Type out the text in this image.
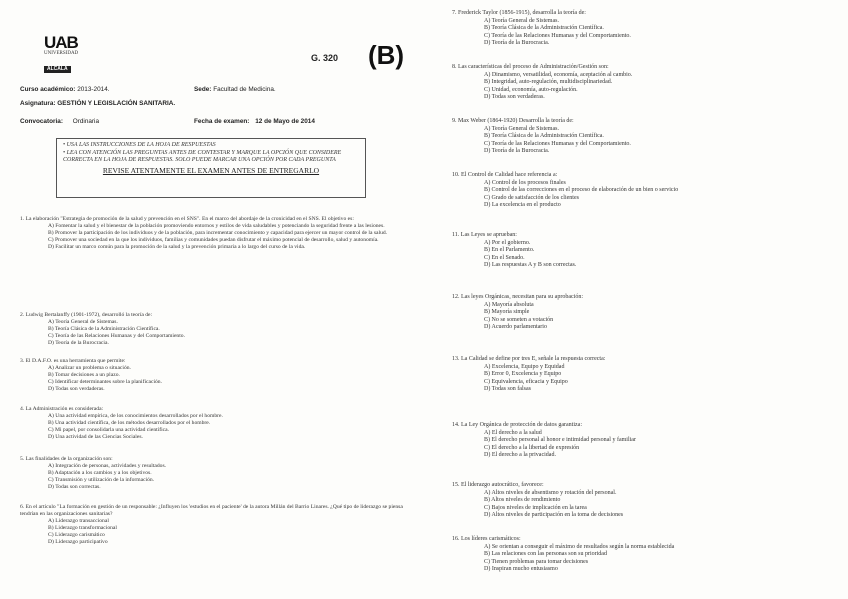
UAB
UNIVERSIDAD
ALCALA
G. 320 (B)
Curso académico: 2013-2014.	Sede: Facultad de Medicina.
Asignatura: GESTIÓN Y LEGISLACIÓN SANITARIA.
Convocatoria: Ordinaria	Fecha de examen: 12 de Mayo de 2014
• USA LAS INSTRUCCIONES DE LA HOJA DE RESPUESTAS
• LEA CON ATENCIÓN LAS PREGUNTAS ANTES DE CONTESTAR Y MARQUE LA OPCIÓN QUE CONSIDERE CORRECTA EN LA HOJA DE RESPUESTAS. SOLO PUEDE MARCAR UNA OPCIÓN POR CADA PREGUNTA
REVISE ATENTAMENTE EL EXAMEN ANTES DE ENTREGARLO
1. La elaboración "Estrategia de promoción de la salud y prevención en el SNS". En el marco del abordaje de la cronicidad en el SNS. El objetivo es:
A) Fomentar la salud y el bienestar de la población promoviendo entornos y estilos de vida saludables y potenciando la seguridad frente a las lesiones.
B) Promover la participación de los individuos y de la población, para incrementar conocimiento y capacidad para ejercer un mayor control de la salud.
C) Promover una sociedad en la que los individuos, familias y comunidades puedan disfrutar el máximo potencial de desarrollo, salud y autonomía.
D) Facilitar un marco común para la promoción de la salud y la prevención primaria a lo largo del curso de la vida.
2. Ludwig Bertalanffy (1901-1972), desarrolló la teoría de:
A) Teoría General de Sistemas.
B) Teoría Clásica de la Administración Científica.
C) Teoría de las Relaciones Humanas y del Comportamiento.
D) Teoría de la Burocracia.
3. El D.A.F.O. es una herramienta que permite:
A) Analizar un problema o situación.
B) Tomar decisiones a un plazo.
C) Identificar determinantes sobre la planificación.
D) Todas son verdaderas.
4. La Administración es considerada:
A) Una actividad empírica, de los conocimientos desarrollados por el hombre.
B) Una actividad científica, de los métodos desarrollados por el hombre.
C) Mi papel, por consolidarla una actividad científica.
D) Una actividad de las Ciencias Sociales.
5. Las finalidades de la organización son:
A) Integración de personas, actividades y resultados.
B) Adaptación a los cambios y a los objetivos.
C) Transmisión y utilización de la información.
D) Todas son correctas.
6. En el artículo "La formación en gestión de un responsable: ¿Influyen los 'estudios en el paciente' de la autora Millán del Barrio Linares. ¿Qué tipo de liderazgo se piensa tendrían en las organizaciones sanitarias?
A) Liderazgo transaccional
B) Liderazgo transformacional
C) Liderazgo carismático
D) Liderazgo participativo
7. Frederick Taylor (1856-1915), desarrolla la teoría de:
A) Teoría General de Sistemas.
B) Teoría Clásica de la Administración Científica.
C) Teoría de las Relaciones Humanas y del Comportamiento.
D) Teoría de la Burocracia.
8. Las características del proceso de Administración/Gestión son:
A) Dinamismo, versatilidad, economía, aceptación al cambio.
B) Integridad, auto-regulación, multidisciplinariedad.
C) Unidad, economía, auto-regulación.
D) Todas son verdaderas.
9. Max Weber (1864-1920) Desarrolla la teoría de:
A) Teoría General de Sistemas.
B) Teoría Clásica de la Administración Científica.
C) Teoría de las Relaciones Humanas y del Comportamiento.
D) Teoría de la Burocracia.
10. El Control de Calidad hace referencia a:
A) Control de los procesos finales
B) Control de las correcciones en el proceso de elaboración de un bien o servicio
C) Grado de satisfacción de los clientes
D) La excelencia en el producto
11. Las Leyes se aprueban:
A) Por el gobierno.
B) En el Parlamento.
C) En el Senado.
D) Las respuestas A y B son correctas.
12. Las leyes Orgánicas, necesitan para su aprobación:
A) Mayoría absoluta
B) Mayoría simple
C) No se someten a votación
D) Acuerdo parlamentario
13. La Calidad se define por tres E, señale la respuesta correcta:
A) Excelencia, Equipo y Equidad
B) Error 0, Excelencia y Equipo
C) Equivalencia, eficacia y Equipo
D) Todas son falsas
14. La Ley Orgánica de protección de datos garantiza:
A) El derecho a la salud
B) El derecho personal al honor e intimidad personal y familiar
C) El derecho a la libertad de expresión
D) El derecho a la privacidad.
15. El liderazgo autocrático, favorece:
A) Altos niveles de absentismo y rotación del personal.
B) Altos niveles de rendimiento
C) Bajos niveles de implicación en la tarea
D) Altos niveles de participación en la toma de decisiones
16. Los líderes carismáticos:
A) Se orientan a conseguir el máximo de resultados según la norma establecida
B) Las relaciones con las personas son su prioridad
C) Tienen problemas para tomar decisiones
D) Inspiran mucho entusiasmo
